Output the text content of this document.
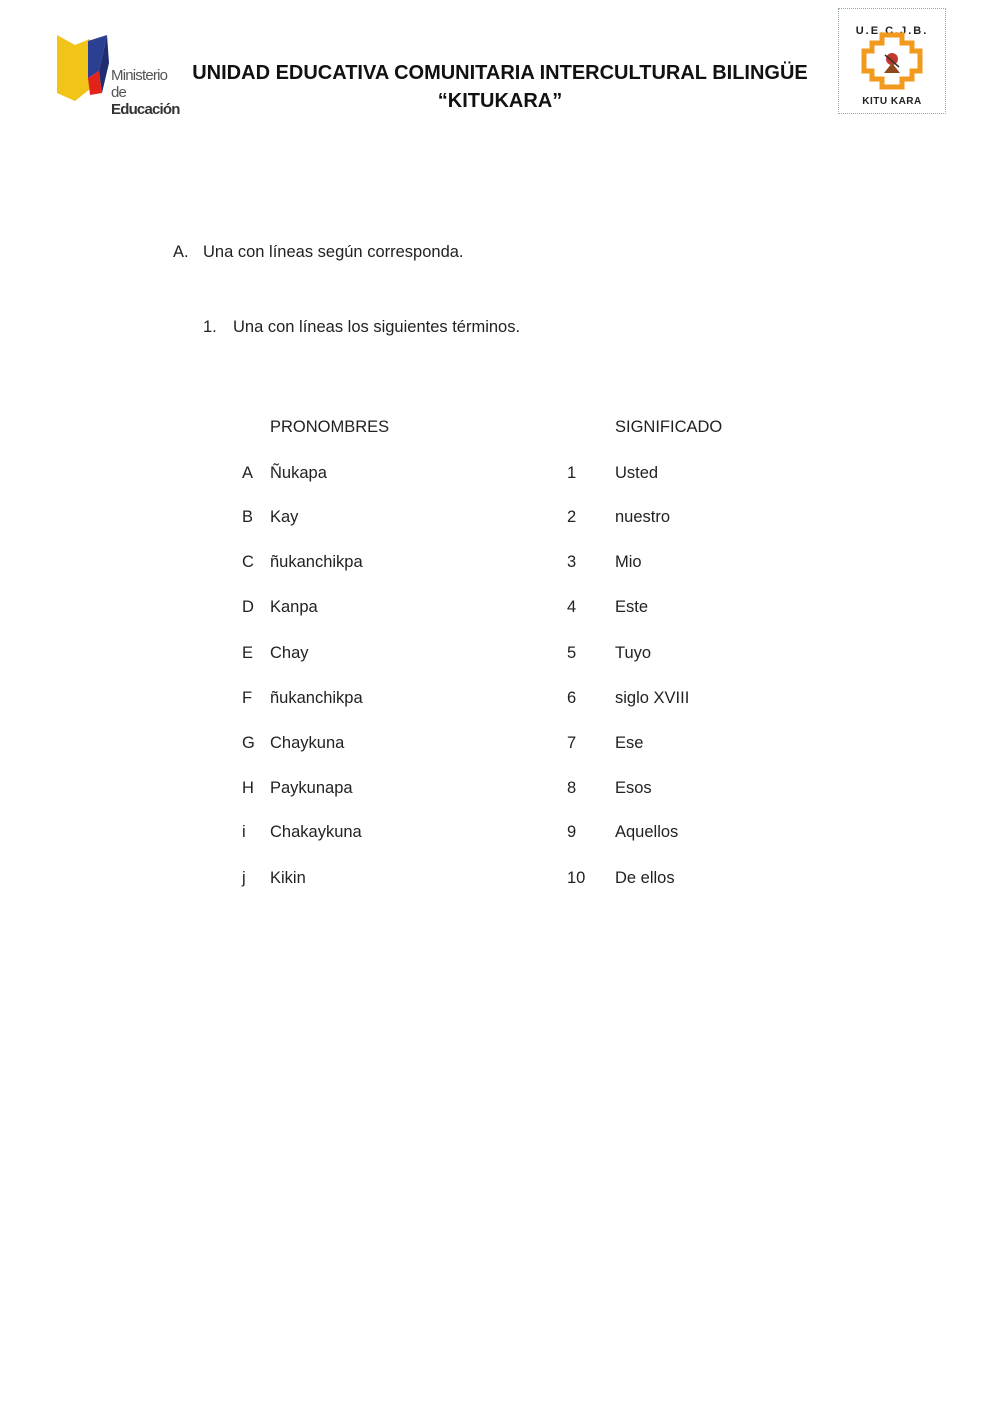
Ministerio
de Educación
UNIDAD EDUCATIVA COMUNITARIA INTERCULTURAL BILINGÜE
“KITUKARA”
U.E.C.J.B.
KITU KARA
A. Una con líneas según corresponda.
1. Una con líneas los siguientes términos.
PRONOMBRES	SIGNIFICADO
A	Ñukapa	1 Usted
B	Kay	2 nuestro
C ñukanchikpa	3 Mio
D Kanpa	4 Este
E	Chay	5 Tuyo
F	ñukanchikpa	6 siglo XVIII
G Chaykuna	7 Ese
H Paykunapa	8 Esos
i	Chakaykuna	9 Aquellos
j	Kikin	10 De ellos
